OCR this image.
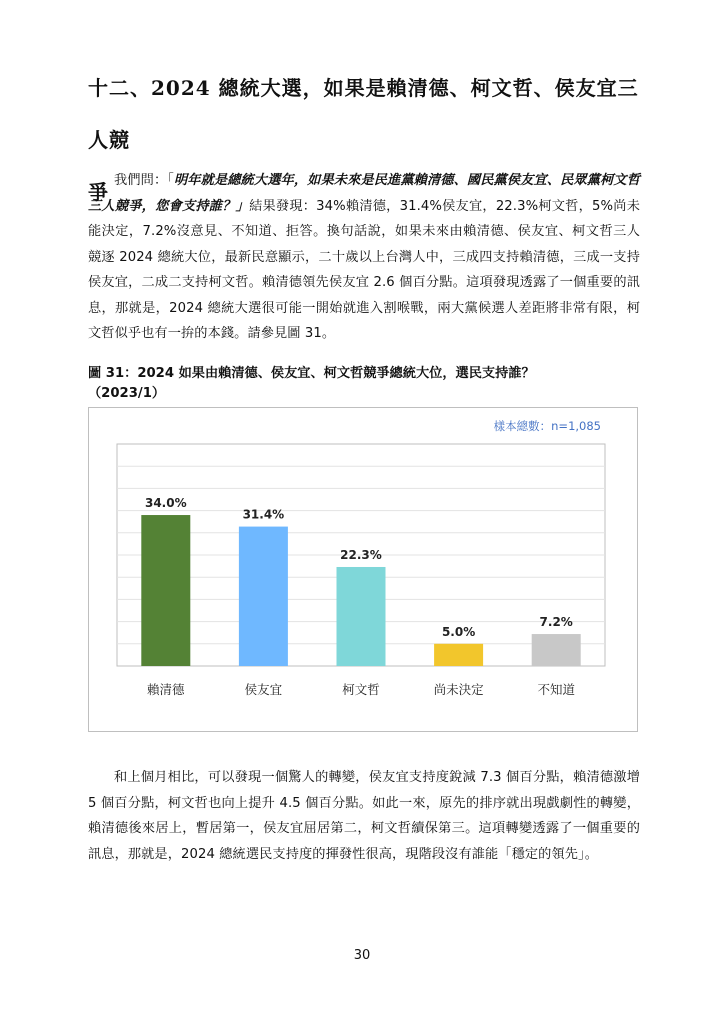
十二、2024 總統大選，如果是賴清德、柯文哲、侯友宜三人競
爭 我們問：「明年就是總統大選年，如果未來是民進黨賴清德、國民黨侯友宜、民眾黨柯文哲三人競爭，您會支持誰？」結果發現：34%賴清德，31.4%侯友宜，22.3%柯文哲，5%尚未能決定，7.2%沒意見、不知道、拒答。換句話說，如果未來由賴清德、侯友宜、柯文哲三人競逐 2024 總統大位，最新民意顯示，二十歲以上台灣人中，三成四支持賴清德，三成一支持侯友宜，二成二支持柯文哲。賴清德領先侯友宜 2.6 個百分點。這項發現透露了一個重要的訊息，那就是，2024 總統大選很可能一開始就進入割喉戰，兩大黨候選人差距將非常有限，柯文哲似乎也有一拚的本錢。請參見圖 31。

圖 31：2024 如果由賴清德、侯友宜、柯文哲競爭總統大位，選民支持誰？
（2023/1）

樣本總數：n=1,085
34.0%
31.4%
22.3%
5.0%
7.2%
賴清德	侯友宜	柯文哲	尚未決定	不知道

和上個月相比，可以發現一個驚人的轉變，侯友宜支持度銳減 7.3 個百分點，賴清德激增 5 個百分點，柯文哲也向上提升 4.5 個百分點。如此一來，原先的排序就出現戲劇性的轉變，賴清德後來居上，暫居第一，侯友宜屈居第二，柯文哲續保第三。這項轉變透露了一個重要的訊息，那就是，2024 總統選民支持度的揮發性很高，現階段沒有誰能「穩定的領先」。

30
